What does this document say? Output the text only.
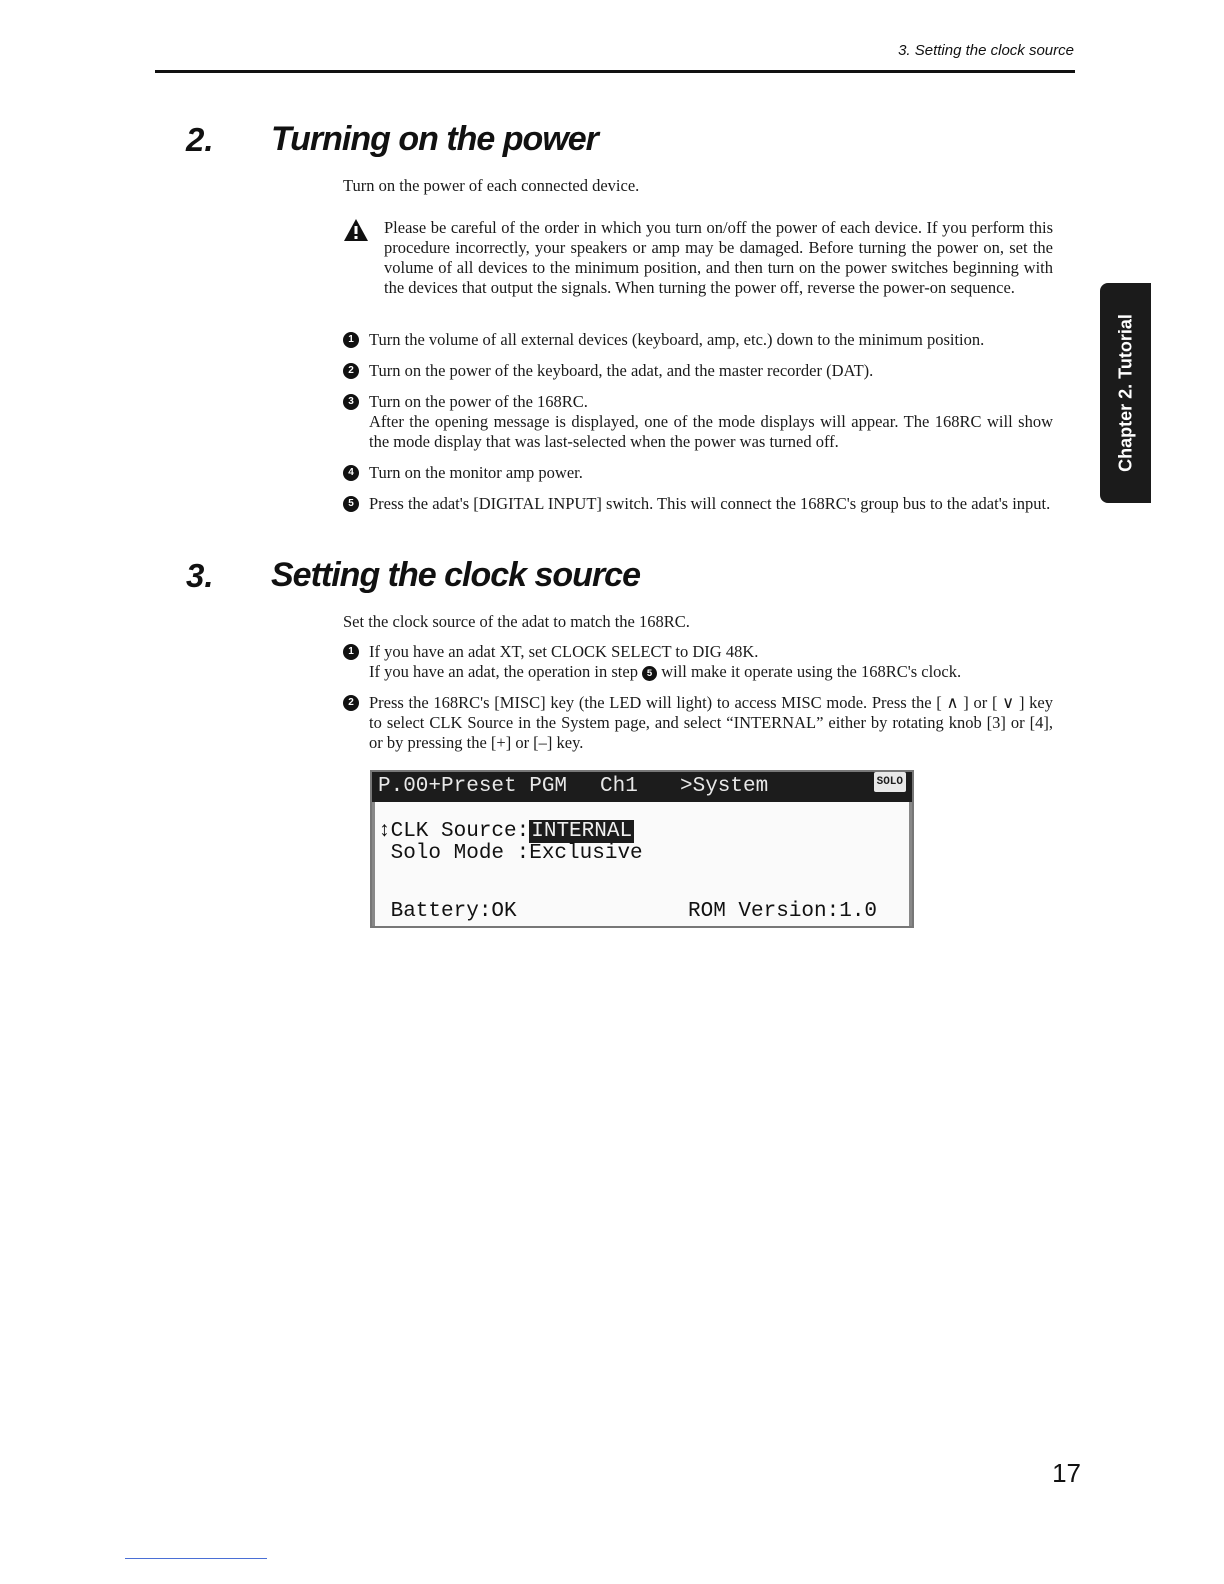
3. Setting the clock source
2. Turning on the power
Turn on the power of each connected device.
Please be careful of the order in which you turn on/off the power of each device. If you perform this procedure incorrectly, your speakers or amp may be damaged. Before turning the power on, set the volume of all devices to the minimum position, and then turn on the power switches beginning with the devices that output the signals. When turning the power off, reverse the power-on sequence.
1 Turn the volume of all external devices (keyboard, amp, etc.) down to the minimum position.
2 Turn on the power of the keyboard, the adat, and the master recorder (DAT).
3 Turn on the power of the 168RC.
After the opening message is displayed, one of the mode displays will appear. The 168RC will show the mode display that was last-selected when the power was turned off.
4 Turn on the monitor amp power.
5 Press the adat's [DIGITAL INPUT] switch. This will connect the 168RC's group bus to the adat's input.
3. Setting the clock source
Set the clock source of the adat to match the 168RC.
1 If you have an adat XT, set CLOCK SELECT to DIG 48K.
If you have an adat, the operation in step 5 will make it operate using the 168RC's clock.
2 Press the 168RC's [MISC] key (the LED will light) to access MISC mode. Press the [ ∧ ] or [ ∨ ] key to select CLK Source in the System page, and select “INTERNAL” either by rotating knob [3] or [4], or by pressing the [+] or [–] key.
P.00+Preset PGM Ch1 >System	SOLO
↕CLK Source:INTERNAL
Solo Mode :Exclusive
Battery:OK	ROM Version:1.0
Chapter 2. Tutorial
17
